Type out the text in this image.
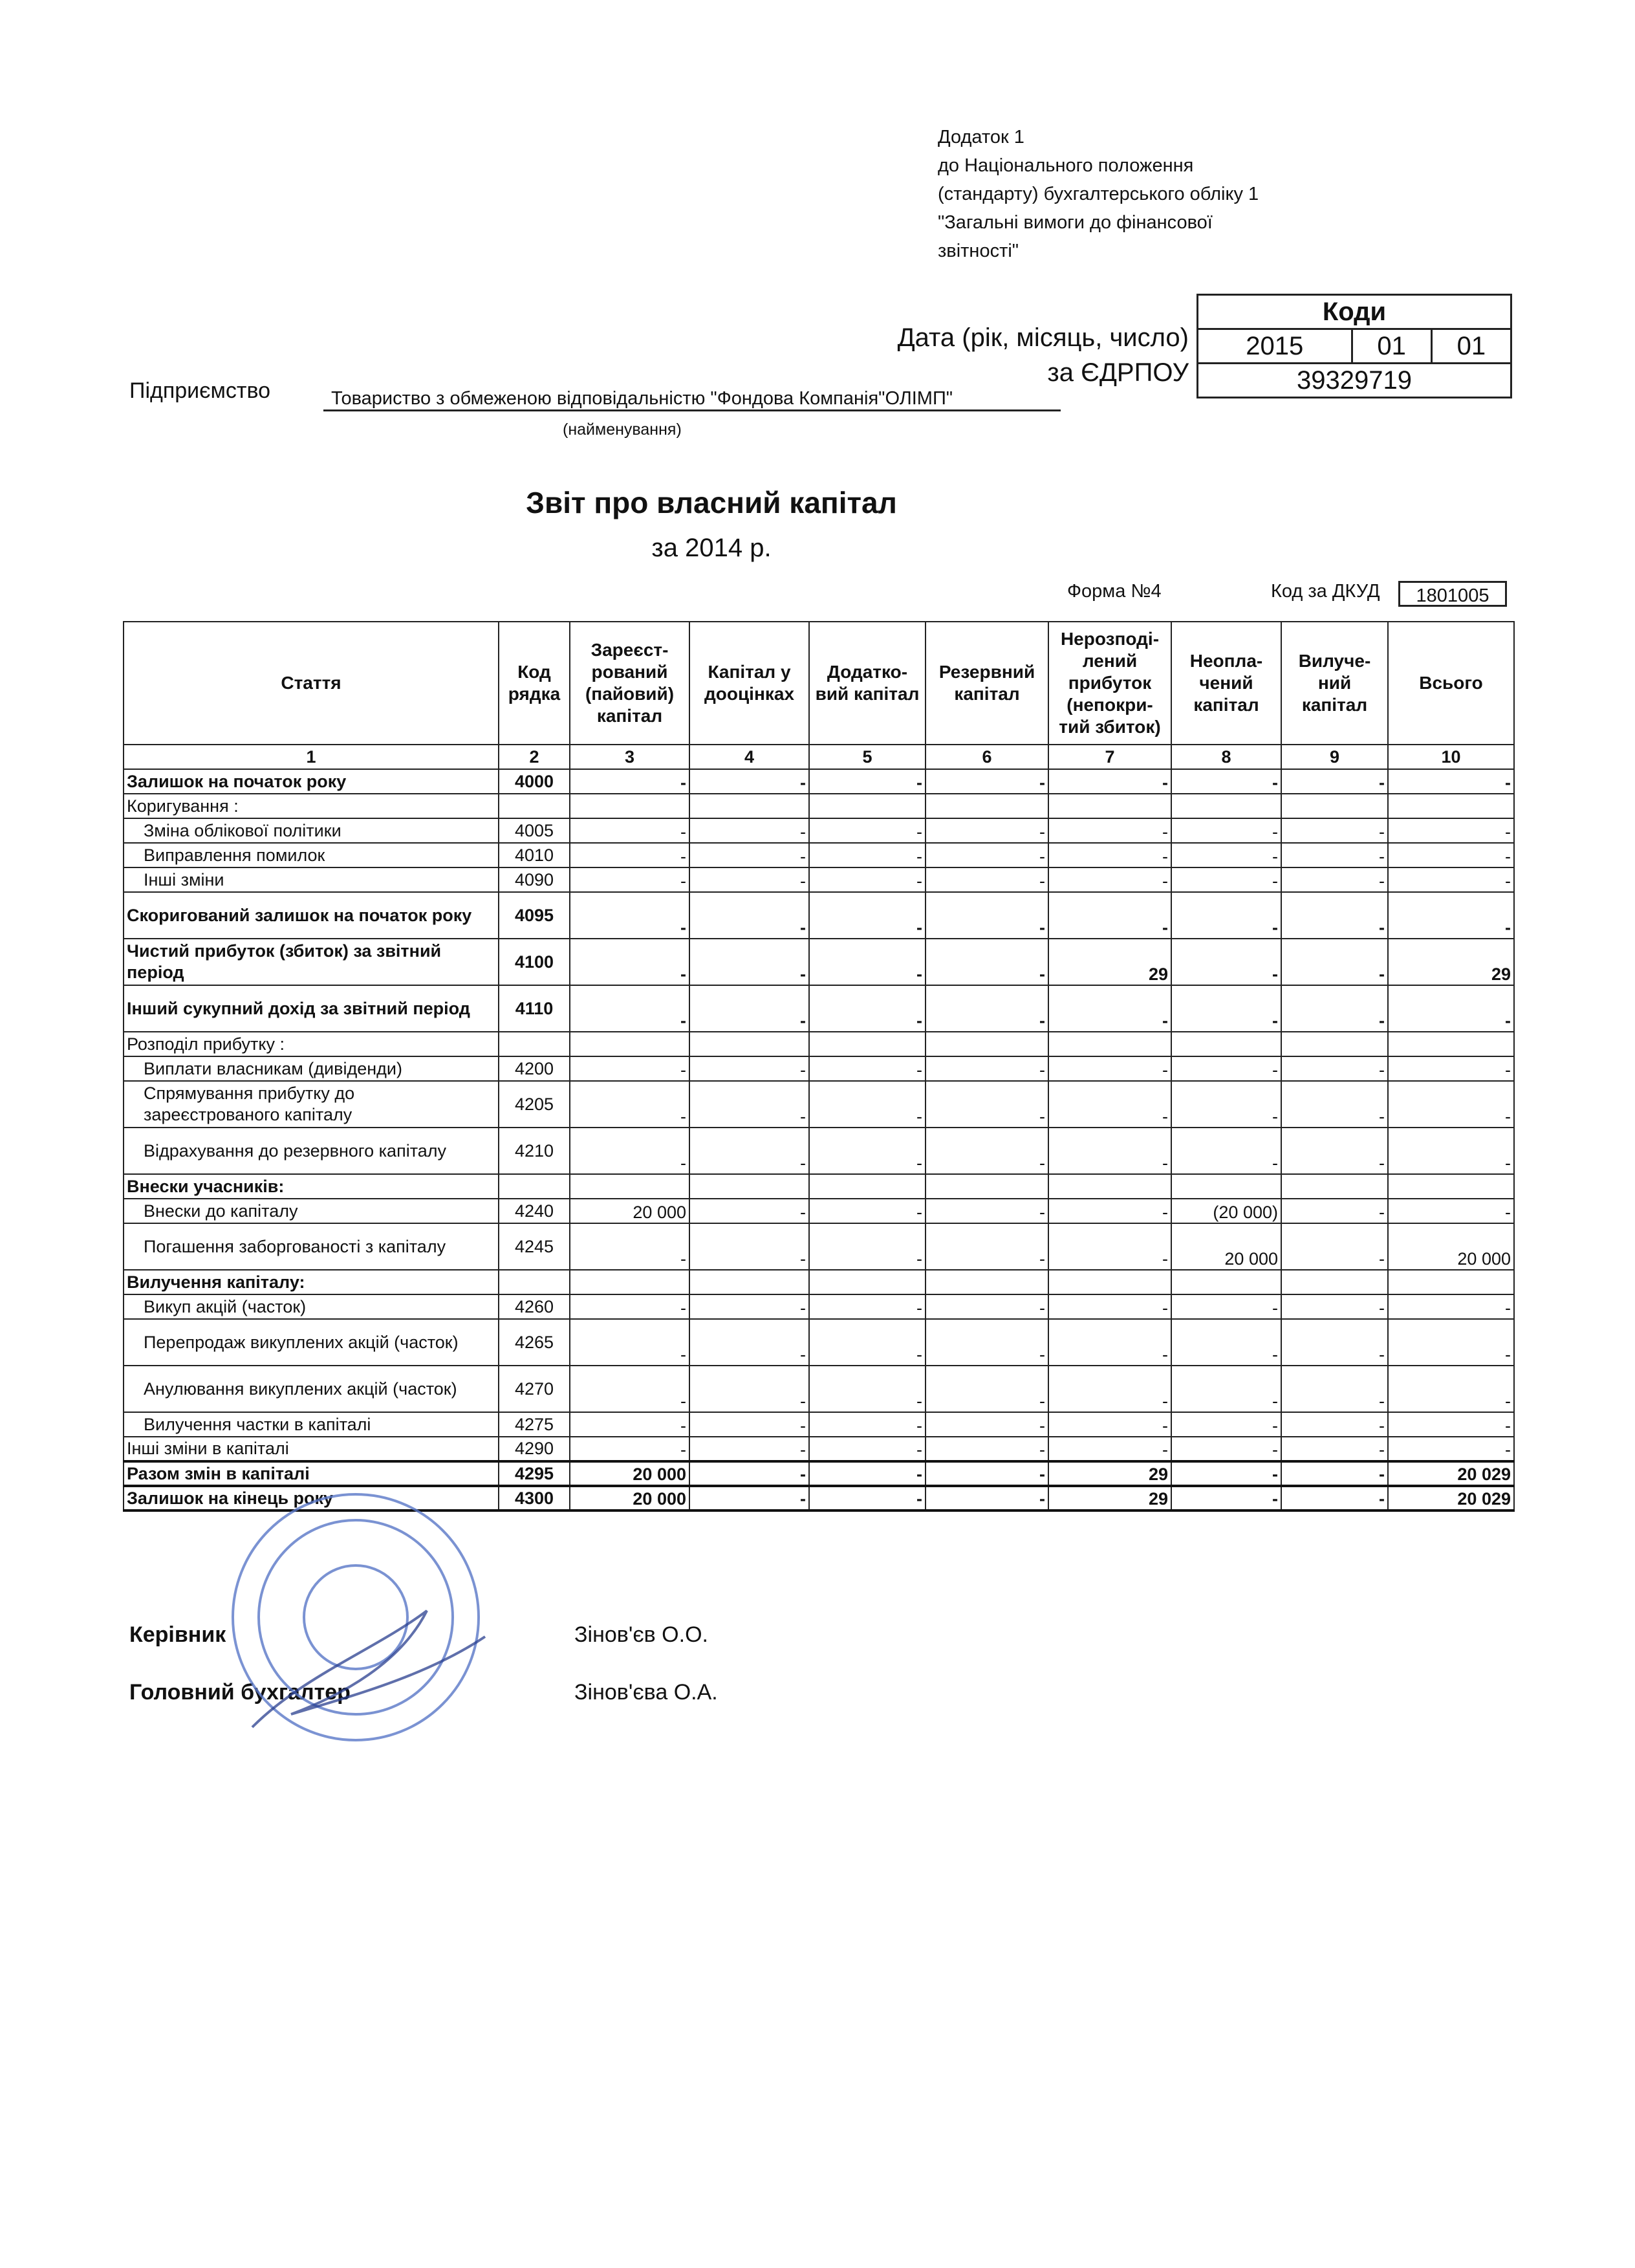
Додаток 1
до Національного положення
(стандарту) бухгалтерського обліку 1
"Загальні вимоги до фінансової
звітності"
Коди
2015	01	01
39329719
Дата (рік, місяць, число)
за ЄДРПОУ
Підприємство	Товариство з обмеженою відповідальністю "Фондова Компанія"ОЛІМП"
(найменування)
Звіт про власний капітал
за 2014 р.
Форма №4	Код за ДКУД	1801005
Стаття	Код рядка	Зареєст-рований (пайовий) капітал	Капітал у дооцінках	Додатко-вий капітал	Резервний капітал	Нерозподі-лений прибуток (непокри-тий збиток)	Неопла-чений капітал	Вилуче-ний капітал	Всього
1	2	3	4	5	6	7	8	9	10
Залишок на початок року	4000	-	-	-	-	-	-	-	-
Коригування :									
Зміна облікової політики	4005	-	-	-	-	-	-	-	-
Виправлення помилок	4010	-	-	-	-	-	-	-	-
Інші зміни	4090	-	-	-	-	-	-	-	-
Скоригований залишок на початок року	4095	-	-	-	-	-	-	-	-
Чистий прибуток (збиток) за звітний період	4100	-	-	-	-	29	-	-	29
Інший сукупний дохід за звітний період	4110	-	-	-	-	-	-	-	-
Розподіл прибутку :									
Виплати власникам (дивіденди)	4200	-	-	-	-	-	-	-	-
Спрямування прибутку до зареєстрованого капіталу	4205	-	-	-	-	-	-	-	-
Відрахування до резервного капіталу	4210	-	-	-	-	-	-	-	-
Внески учасників:									
Внески до капіталу	4240	20 000	-	-	-	-	(20 000)	-	-
Погашення заборгованості з капіталу	4245	-	-	-	-	-	20 000	-	20 000
Вилучення капіталу:									
Викуп акцій (часток)	4260	-	-	-	-	-	-	-	-
Перепродаж викуплених акцій (часток)	4265	-	-	-	-	-	-	-	-
Анулювання викуплених акцій (часток)	4270	-	-	-	-	-	-	-	-
Вилучення частки в капіталі	4275	-	-	-	-	-	-	-	-
Інші зміни в капіталі	4290	-	-	-	-	-	-	-	-
Разом змін в капіталі	4295	20 000	-	-	-	29	-	-	20 029
Залишок на кінець року	4300	20 000	-	-	-	29	-	-	20 029
Керівник	Зінов'єв О.О.
Головний бухгалтер	Зінов'єва О.А.
